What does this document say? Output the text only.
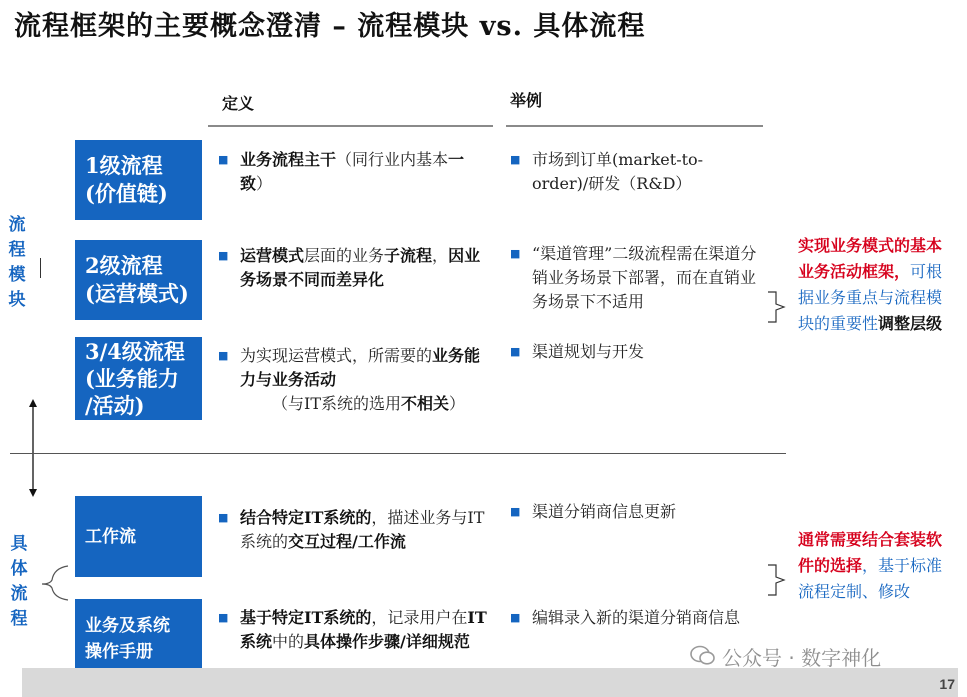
流程框架的主要概念澄清 – 流程模块 vs. 具体流程
定义	举例
流程模块
具体流程
1级流程
(价值链)
2级流程
(运营模式)
3/4级流程
(业务能力
/活动)
工作流
业务及系统
操作手册
■ 业务流程主干（同行业内基本一致）
■ 运营模式层面的业务子流程，因业务场景不同而差异化
■ 为实现运营模式，所需要的业务能力与业务活动
（与IT系统的选用不相关）
■ 结合特定IT系统的，描述业务与IT系统的交互过程/工作流
■ 基于特定IT系统的，记录用户在IT系统中的具体操作步骤/详细规范
■ 市场到订单(market-to-order)/研发（R&D）
■ “渠道管理”二级流程需在渠道分销业务场景下部署，而在直销业务场景下不适用
■ 渠道规划与开发
■ 渠道分销商信息更新
■ 编辑录入新的渠道分销商信息
实现业务模式的基本业务活动框架，可根据业务重点与流程模块的重要性调整层级
通常需要结合套装软件的选择，基于标准流程定制、修改
公众号 · 数字神化
17
